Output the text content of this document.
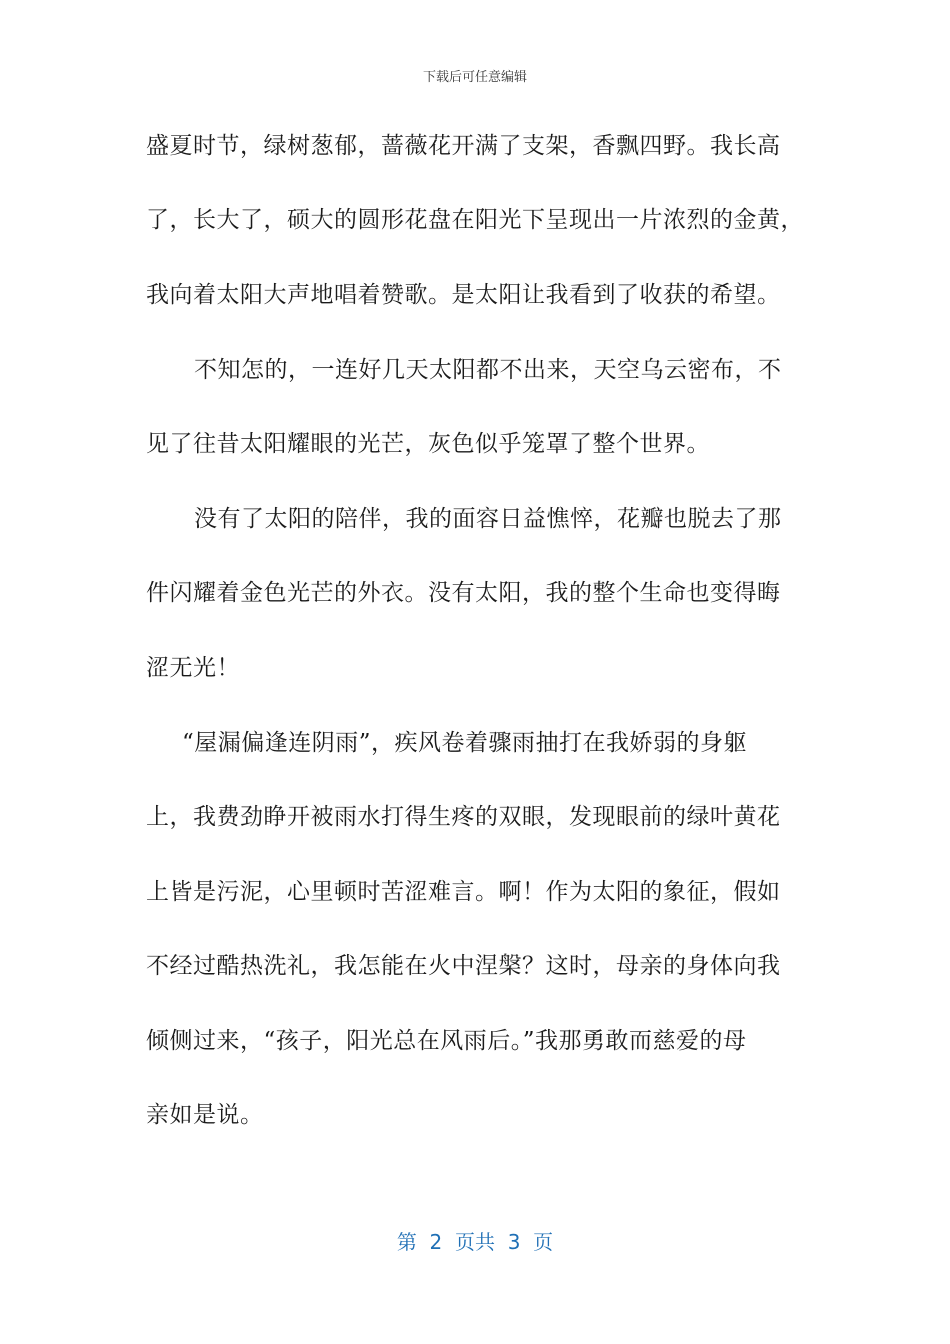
下载后可任意编辑
盛夏时节，绿树葱郁，蔷薇花开满了支架，香飘四野。我长高
了，长大了，硕大的圆形花盘在阳光下呈现出一片浓烈的金黄，
我向着太阳大声地唱着赞歌。是太阳让我看到了收获的希望。
不知怎的，一连好几天太阳都不出来，天空乌云密布，不
见了往昔太阳耀眼的光芒，灰色似乎笼罩了整个世界。
没有了太阳的陪伴，我的面容日益憔悴，花瓣也脱去了那
件闪耀着金色光芒的外衣。没有太阳，我的整个生命也变得晦
涩无光！
“屋漏偏逢连阴雨”，疾风卷着骤雨抽打在我娇弱的身躯
上，我费劲睁开被雨水打得生疼的双眼，发现眼前的绿叶黄花
上皆是污泥，心里顿时苦涩难言。啊！作为太阳的象征，假如
不经过酷热洗礼，我怎能在火中涅槃？这时，母亲的身体向我
倾侧过来，“孩子，阳光总在风雨后。”我那勇敢而慈爱的母
亲如是说。
第  2  页共  3  页
